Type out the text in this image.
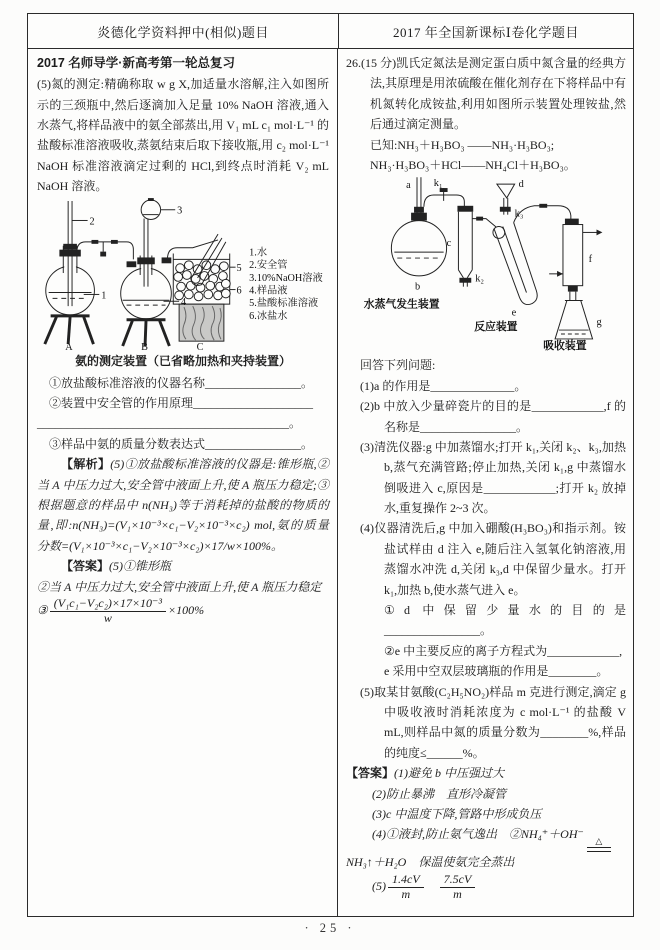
炎德化学资料押中(相似)题目	2017 年全国新课标Ⅰ卷化学题目
2017 名师导学·新高考第一轮总复习
(5)氮的测定:精确称取 w g X,加适量水溶解,注入如图所示的三颈瓶中,然后逐滴加入足量 10% NaOH 溶液,通入水蒸气,将样品液中的氨全部蒸出,用 V₁ mL c₁ mol·L⁻¹ 的盐酸标准溶液吸收,蒸氨结束后取下接收瓶,用 c₂ mol·L⁻¹ NaOH 标准溶液滴定过剩的 HCl,到终点时消耗 V₂ mL NaOH 溶液。
2
3
1
4
5
6
A	B	C
1.水
2.安全管
3.10%NaOH溶液
4.样品液
5.盐酸标准溶液
6.冰盐水
氨的测定装置（已省略加热和夹持装置）
①放盐酸标准溶液的仪器名称________________。
②装置中安全管的作用原理____________________
__________________________________________。
③样品中氨的质量分数表达式________________。
【解析】(5)①放盐酸标准溶液的仪器是:锥形瓶,②当 A 中压力过大,安全管中液面上升,使 A 瓶压力稳定;③根据题意的样品中 n(NH₃)等于消耗掉的盐酸的物质的量,即:n(NH₃)=(V₁×10⁻³×c₁−V₂×10⁻³×c₂) mol,氨的质量分数=(V₁×10⁻³×c₁−V₂×10⁻³×c₂)×17/w×100%。
【答案】(5)①锥形瓶
②当 A 中压力过大,安全管中液面上升,使 A 瓶压力稳定
③ $\frac{\text{(V₁c₁−V₂c₂)×17×10⁻³}}{w} \times 100\%$
26.(15 分)凯氏定氮法是测定蛋白质中氮含量的经典方法,其原理是用浓硫酸在催化剂存在下将样品中有机氮转化成铵盐,利用如图所示装置处理铵盐,然后通过滴定测量。
已知:NH₃＋H₃BO₃ ——NH₃·H₃BO₃;
NH₃·H₃BO₃＋HCl——NH₄Cl＋H₃BO₃。
a k₁
b
c
k₂
d
k₃
e
f
g
水蒸气发生装置
反应装置
吸收装置
回答下列问题:
(1)a 的作用是______________。
(2)b 中放入少量碎瓷片的目的是____________,f 的名称是________________。
(3)清洗仪器:g 中加蒸馏水;打开 k₁,关闭 k₂、k₃,加热 b,蒸气充满管路;停止加热,关闭 k₁,g 中蒸馏水倒吸进入 c,原因是____________;打开 k₂ 放掉水,重复操作 2~3 次。
(4)仪器清洗后,g 中加入硼酸(H₃BO₃)和指示剂。铵盐试样由 d 注入 e,随后注入氢氧化钠溶液,用蒸馏水冲洗 d,关闭 k₃,d 中保留少量水。打开 k₁,加热 b,使水蒸气进入 e。
①d 中保留少量水的目的是________________。
②e 中主要反应的离子方程式为____________,
e 采用中空双层玻璃瓶的作用是________。
(5)取某甘氨酸(C₂H₅NO₂)样品 m 克进行测定,滴定 g 中吸收液时消耗浓度为 c mol·L⁻¹ 的盐酸 V mL,则样品中氮的质量分数为________%,样品的纯度≤______%。
【答案】(1)避免 b 中压强过大
(2)防止暴沸　直形冷凝管
(3)c 中温度下降,管路中形成负压
(4)①液封,防止氨气逸出　②NH₄⁺＋OH⁻	△
NH₃↑＋H₂O　保温使氨完全蒸出
$(5) \frac{1.4cV}{m}$
　 $\frac{7.5cV}{m}$
· 25 ·
